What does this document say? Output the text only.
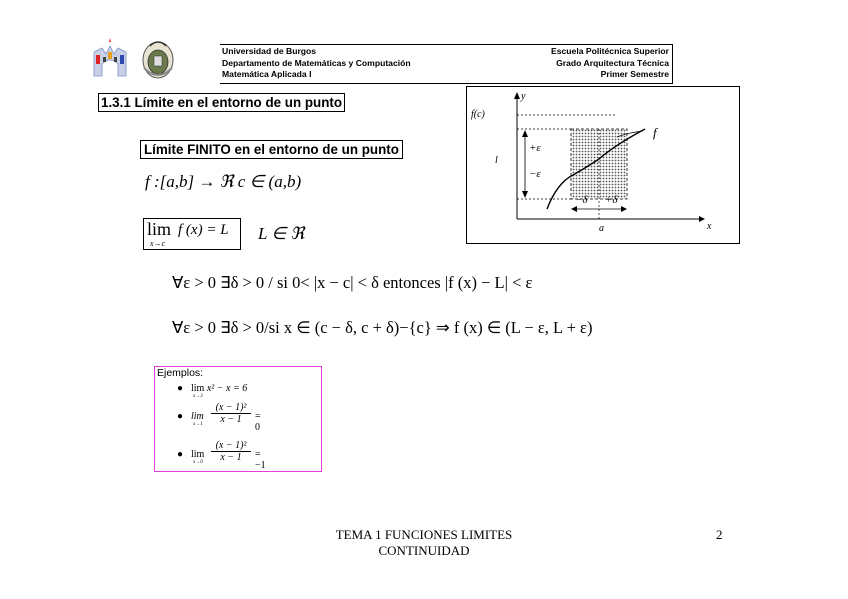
Universidad de Burgos
Departamento de Matemáticas y Computación
Matemática Aplicada I
Escuela Politécnica Superior
Grado Arquitectura Técnica
Primer Semestre
1.3.1 Límite en el entorno de un punto
Límite FINITO en el entorno de un punto
f(c)
l
+ε
−ε
−δ +δ
f
y
x
a
f :[a,b] → ℜ c ∈ (a,b)
lim
x→c
f (x) = L L ∈ ℜ
∀ε > 0 ∃δ > 0 / si 0< |x − c| < δ entonces |f (x) − L| < ε
∀ε > 0 ∃δ > 0/si x ∈ (c − δ, c + δ)−{c} ⇒ f (x) ∈ (L − ε, L + ε)
Ejemplos:
● lim x² − x = 6
x→3
● lim
x→1
(x − 1)²
x − 1	= 0
● lim
x→0
(x − 1)²
x − 1	= −1
TEMA 1 FUNCIONES LIMITES
CONTINUIDAD
2
